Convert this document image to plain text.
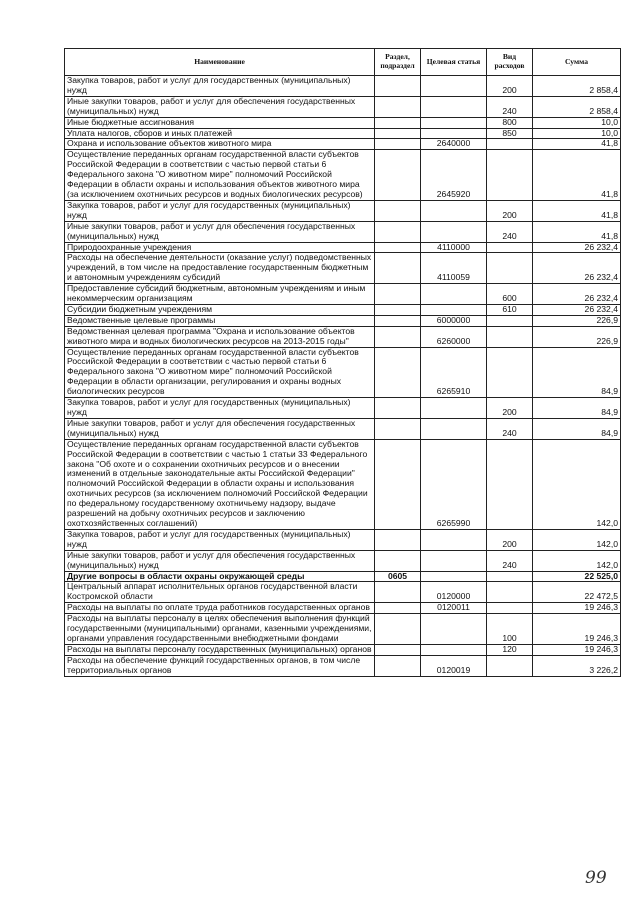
Наименование	Раздел, подраздел	Целевая статья	Вид расходов	Сумма
Закупка товаров, работ и услуг для государственных (муниципальных) нужд			200	2 858,4
Иные закупки товаров, работ и услуг для обеспечения государственных (муниципальных) нужд			240	2 858,4
Иные бюджетные ассигнования			800	10,0
Уплата налогов, сборов и иных платежей			850	10,0
Охрана и использование объектов животного мира		2640000		41,8
Осуществление переданных органам государственной власти субъектов Российской Федерации в соответствии с частью первой статьи 6 Федерального закона "О животном мире" полномочий Российской Федерации в области охраны и использования объектов животного мира (за исключением охотничьих ресурсов и водных биологических ресурсов)		2645920		41,8
Закупка товаров, работ и услуг для государственных (муниципальных) нужд			200	41,8
Иные закупки товаров, работ и услуг для обеспечения государственных (муниципальных) нужд			240	41,8
Природоохранные учреждения		4110000		26 232,4
Расходы на обеспечение деятельности (оказание услуг) подведомственных учреждений, в том числе на предоставление государственным бюджетным и автономным учреждениям субсидий		4110059		26 232,4
Предоставление субсидий бюджетным, автономным учреждениям и иным некоммерческим организациям			600	26 232,4
Субсидии бюджетным учреждениям			610	26 232,4
Ведомственные целевые программы		6000000		226,9
Ведомственная целевая программа "Охрана и использование объектов животного мира и водных биологических ресурсов на 2013-2015 годы"		6260000		226,9
Осуществление переданных органам государственной власти субъектов Российской Федерации в соответствии с частью первой статьи 6 Федерального закона "О животном мире" полномочий Российской Федерации в области организации, регулирования и охраны водных биологических ресурсов		6265910		84,9
Закупка товаров, работ и услуг для государственных (муниципальных) нужд			200	84,9
Иные закупки товаров, работ и услуг для обеспечения государственных (муниципальных) нужд			240	84,9
Осуществление переданных органам государственной власти субъектов Российской Федерации в соответствии с частью 1 статьи 33 Федерального закона "Об охоте и о сохранении охотничьих ресурсов и о внесении изменений в отдельные законодательные акты Российской Федерации" полномочий Российской Федерации в области охраны и использования охотничьих ресурсов (за исключением полномочий Российской Федерации по федеральному государственному охотничьему надзору, выдаче разрешений на добычу охотничьих ресурсов и заключению охотхозяйственных соглашений)		6265990		142,0
Закупка товаров, работ и услуг для государственных (муниципальных) нужд			200	142,0
Иные закупки товаров, работ и услуг для обеспечения государственных (муниципальных) нужд			240	142,0
Другие вопросы в области охраны окружающей среды	0605			22 525,0
Центральный аппарат исполнительных органов государственной власти Костромской области		0120000		22 472,5
Расходы на выплаты по оплате труда работников государственных органов		0120011		19 246,3
Расходы на выплаты персоналу в целях обеспечения выполнения функций государственными (муниципальными) органами, казенными учреждениями, органами управления государственными внебюджетными фондами			100	19 246,3
Расходы на выплаты персоналу государственных (муниципальных) органов			120	19 246,3
Расходы на обеспечение функций государственных органов, в том числе территориальных органов		0120019		3 226,2
99
